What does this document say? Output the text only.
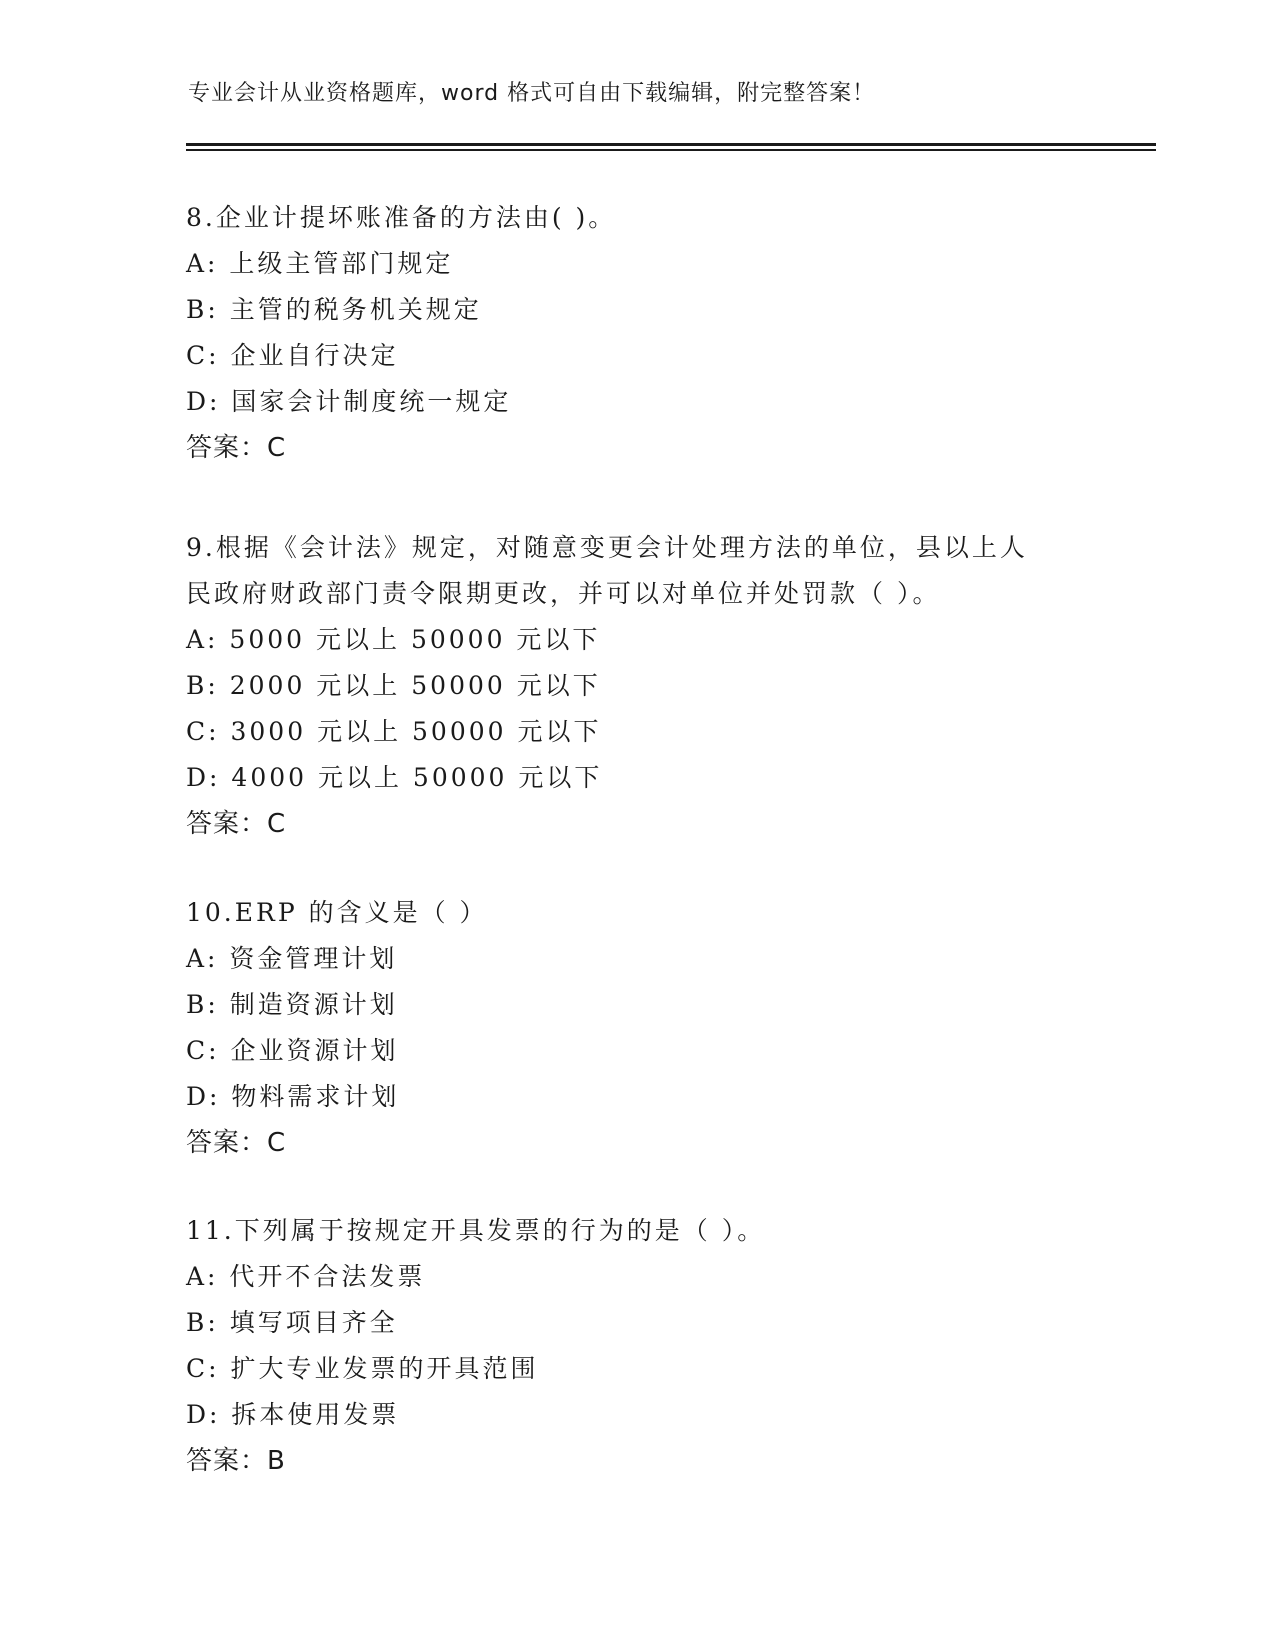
专业会计从业资格题库，word 格式可自由下载编辑，附完整答案！
8.企业计提坏账准备的方法由( )。
A: 上级主管部门规定
B: 主管的税务机关规定
C: 企业自行决定
D: 国家会计制度统一规定
答案：C
9.根据《会计法》规定，对随意变更会计处理方法的单位，县以上人
民政府财政部门责令限期更改，并可以对单位并处罚款（ ）。
A: 5000 元以上 50000 元以下
B: 2000 元以上 50000 元以下
C: 3000 元以上 50000 元以下
D: 4000 元以上 50000 元以下
答案：C
10.ERP 的含义是（ ）
A: 资金管理计划
B: 制造资源计划
C: 企业资源计划
D: 物料需求计划
答案：C
11.下列属于按规定开具发票的行为的是（ ）。
A: 代开不合法发票
B: 填写项目齐全
C: 扩大专业发票的开具范围
D: 拆本使用发票
答案：B
